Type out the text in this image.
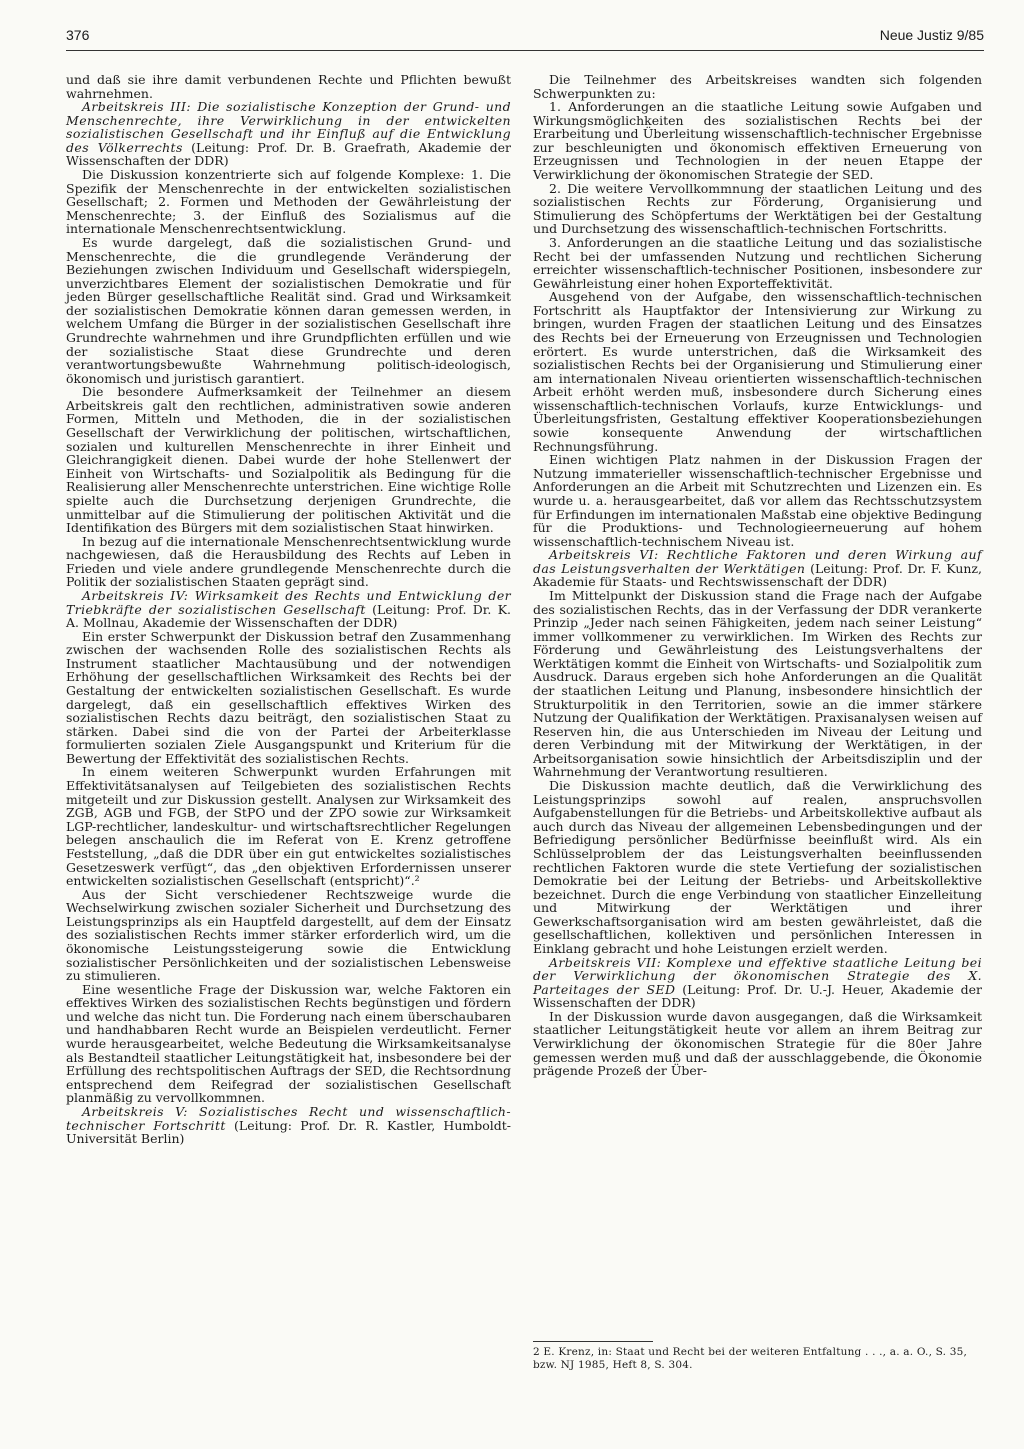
376	Neue Justiz 9/85

und daß sie ihre damit verbundenen Rechte und Pflichten bewußt wahrnehmen.

Arbeitskreis III: Die sozialistische Konzeption der Grund- und Menschenrechte, ihre Verwirklichung in der entwickelten sozialistischen Gesellschaft und ihr Einfluß auf die Entwicklung des Völkerrechts (Leitung: Prof. Dr. B. Graefrath, Akademie der Wissenschaften der DDR)

Die Diskussion konzentrierte sich auf folgende Komplexe: 1. Die Spezifik der Menschenrechte in der entwickelten sozialistischen Gesellschaft; 2. Formen und Methoden der Gewährleistung der Menschenrechte; 3. der Einfluß des Sozialismus auf die internationale Menschenrechtsentwicklung.

Es wurde dargelegt, daß die sozialistischen Grund- und Menschenrechte, die die grundlegende Veränderung der Beziehungen zwischen Individuum und Gesellschaft widerspiegeln, unverzichtbares Element der sozialistischen Demokratie und für jeden Bürger gesellschaftliche Realität sind. Grad und Wirksamkeit der sozialistischen Demokratie können daran gemessen werden, in welchem Umfang die Bürger in der sozialistischen Gesellschaft ihre Grundrechte wahrnehmen und ihre Grundpflichten erfüllen und wie der sozialistische Staat diese Grundrechte und deren verantwortungsbewußte Wahrnehmung politisch-ideologisch, ökonomisch und juristisch garantiert.

Die besondere Aufmerksamkeit der Teilnehmer an diesem Arbeitskreis galt den rechtlichen, administrativen sowie anderen Formen, Mitteln und Methoden, die in der sozialistischen Gesellschaft der Verwirklichung der politischen, wirtschaftlichen, sozialen und kulturellen Menschenrechte in ihrer Einheit und Gleichrangigkeit dienen. Dabei wurde der hohe Stellenwert der Einheit von Wirtschafts- und Sozialpolitik als Bedingung für die Realisierung aller Menschenrechte unterstrichen. Eine wichtige Rolle spielte auch die Durchsetzung derjenigen Grundrechte, die unmittelbar auf die Stimulierung der politischen Aktivität und die Identifikation des Bürgers mit dem sozialistischen Staat hinwirken.

In bezug auf die internationale Menschenrechtsentwicklung wurde nachgewiesen, daß die Herausbildung des Rechts auf Leben in Frieden und viele andere grundlegende Menschenrechte durch die Politik der sozialistischen Staaten geprägt sind.

Arbeitskreis IV: Wirksamkeit des Rechts und Entwicklung der Triebkräfte der sozialistischen Gesellschaft (Leitung: Prof. Dr. K. A. Mollnau, Akademie der Wissenschaften der DDR)

Ein erster Schwerpunkt der Diskussion betraf den Zusammenhang zwischen der wachsenden Rolle des sozialistischen Rechts als Instrument staatlicher Machtausübung und der notwendigen Erhöhung der gesellschaftlichen Wirksamkeit des Rechts bei der Gestaltung der entwickelten sozialistischen Gesellschaft. Es wurde dargelegt, daß ein gesellschaftlich effektives Wirken des sozialistischen Rechts dazu beiträgt, den sozialistischen Staat zu stärken. Dabei sind die von der Partei der Arbeiterklasse formulierten sozialen Ziele Ausgangspunkt und Kriterium für die Bewertung der Effektivität des sozialistischen Rechts.

In einem weiteren Schwerpunkt wurden Erfahrungen mit Effektivitätsanalysen auf Teilgebieten des sozialistischen Rechts mitgeteilt und zur Diskussion gestellt. Analysen zur Wirksamkeit des ZGB, AGB und FGB, der StPO und der ZPO sowie zur Wirksamkeit LGP-rechtlicher, landeskultur- und wirtschaftsrechtlicher Regelungen belegen anschaulich die im Referat von E. Krenz getroffene Feststellung, „daß die DDR über ein gut entwickeltes sozialistisches Gesetzeswerk verfügt“, das „den objektiven Erfordernissen unserer entwickelten sozialistischen Gesellschaft (entspricht)“.²

Aus der Sicht verschiedener Rechtszweige wurde die Wechselwirkung zwischen sozialer Sicherheit und Durchsetzung des Leistungsprinzips als ein Hauptfeld dargestellt, auf dem der Einsatz des sozialistischen Rechts immer stärker erforderlich wird, um die ökonomische Leistungssteigerung sowie die Entwicklung sozialistischer Persönlichkeiten und der sozialistischen Lebensweise zu stimulieren.

Eine wesentliche Frage der Diskussion war, welche Faktoren ein effektives Wirken des sozialistischen Rechts begünstigen und fördern und welche das nicht tun. Die Forderung nach einem überschaubaren und handhabbaren Recht wurde an Beispielen verdeutlicht. Ferner wurde herausgearbeitet, welche Bedeutung die Wirksamkeitsanalyse als Bestandteil staatlicher Leitungstätigkeit hat, insbesondere bei der Erfüllung des rechtspolitischen Auftrags der SED, die Rechtsordnung entsprechend dem Reifegrad der sozialistischen Gesellschaft planmäßig zu vervollkommnen.

Arbeitskreis V: Sozialistisches Recht und wissenschaftlich-technischer Fortschritt (Leitung: Prof. Dr. R. Kastler, Humboldt-Universität Berlin)

Die Teilnehmer des Arbeitskreises wandten sich folgenden Schwerpunkten zu:

1. Anforderungen an die staatliche Leitung sowie Aufgaben und Wirkungsmöglichkeiten des sozialistischen Rechts bei der Erarbeitung und Überleitung wissenschaftlich-technischer Ergebnisse zur beschleunigten und ökonomisch effektiven Erneuerung von Erzeugnissen und Technologien in der neuen Etappe der Verwirklichung der ökonomischen Strategie der SED.

2. Die weitere Vervollkommnung der staatlichen Leitung und des sozialistischen Rechts zur Förderung, Organisierung und Stimulierung des Schöpfertums der Werktätigen bei der Gestaltung und Durchsetzung des wissenschaftlich-technischen Fortschritts.

3. Anforderungen an die staatliche Leitung und das sozialistische Recht bei der umfassenden Nutzung und rechtlichen Sicherung erreichter wissenschaftlich-technischer Positionen, insbesondere zur Gewährleistung einer hohen Exporteffektivität.

Ausgehend von der Aufgabe, den wissenschaftlich-technischen Fortschritt als Hauptfaktor der Intensivierung zur Wirkung zu bringen, wurden Fragen der staatlichen Leitung und des Einsatzes des Rechts bei der Erneuerung von Erzeugnissen und Technologien erörtert. Es wurde unterstrichen, daß die Wirksamkeit des sozialistischen Rechts bei der Organisierung und Stimulierung einer am internationalen Niveau orientierten wissenschaftlich-technischen Arbeit erhöht werden muß, insbesondere durch Sicherung eines wissenschaftlich-technischen Vorlaufs, kurze Entwicklungs- und Überleitungsfristen, Gestaltung effektiver Kooperationsbeziehungen sowie konsequente Anwendung der wirtschaftlichen Rechnungsführung.

Einen wichtigen Platz nahmen in der Diskussion Fragen der Nutzung immaterieller wissenschaftlich-technischer Ergebnisse und Anforderungen an die Arbeit mit Schutzrechten und Lizenzen ein. Es wurde u. a. herausgearbeitet, daß vor allem das Rechtsschutzsystem für Erfindungen im internationalen Maßstab eine objektive Bedingung für die Produktions- und Technologieerneuerung auf hohem wissenschaftlich-technischem Niveau ist.

Arbeitskreis VI: Rechtliche Faktoren und deren Wirkung auf das Leistungsverhalten der Werktätigen (Leitung: Prof. Dr. F. Kunz, Akademie für Staats- und Rechtswissenschaft der DDR)

Im Mittelpunkt der Diskussion stand die Frage nach der Aufgabe des sozialistischen Rechts, das in der Verfassung der DDR verankerte Prinzip „Jeder nach seinen Fähigkeiten, jedem nach seiner Leistung“ immer vollkommener zu verwirklichen. Im Wirken des Rechts zur Förderung und Gewährleistung des Leistungsverhaltens der Werktätigen kommt die Einheit von Wirtschafts- und Sozialpolitik zum Ausdruck. Daraus ergeben sich hohe Anforderungen an die Qualität der staatlichen Leitung und Planung, insbesondere hinsichtlich der Strukturpolitik in den Territorien, sowie an die immer stärkere Nutzung der Qualifikation der Werktätigen. Praxisanalysen weisen auf Reserven hin, die aus Unterschieden im Niveau der Leitung und deren Verbindung mit der Mitwirkung der Werktätigen, in der Arbeitsorganisation sowie hinsichtlich der Arbeitsdisziplin und der Wahrnehmung der Verantwortung resultieren.

Die Diskussion machte deutlich, daß die Verwirklichung des Leistungsprinzips sowohl auf realen, anspruchsvollen Aufgabenstellungen für die Betriebs- und Arbeitskollektive aufbaut als auch durch das Niveau der allgemeinen Lebensbedingungen und der Befriedigung persönlicher Bedürfnisse beeinflußt wird. Als ein Schlüsselproblem der das Leistungsverhalten beeinflussenden rechtlichen Faktoren wurde die stete Vertiefung der sozialistischen Demokratie bei der Leitung der Betriebs- und Arbeitskollektive bezeichnet. Durch die enge Verbindung von staatlicher Einzelleitung und Mitwirkung der Werktätigen und ihrer Gewerkschaftsorganisation wird am besten gewährleistet, daß die gesellschaftlichen, kollektiven und persönlichen Interessen in Einklang gebracht und hohe Leistungen erzielt werden.

Arbeitskreis VII: Komplexe und effektive staatliche Leitung bei der Verwirklichung der ökonomischen Strategie des X. Parteitages der SED (Leitung: Prof. Dr. U.-J. Heuer, Akademie der Wissenschaften der DDR)

In der Diskussion wurde davon ausgegangen, daß die Wirksamkeit staatlicher Leitungstätigkeit heute vor allem an ihrem Beitrag zur Verwirklichung der ökonomischen Strategie für die 80er Jahre gemessen werden muß und daß der ausschlaggebende, die Ökonomie prägende Prozeß der Über-

2 E. Krenz, in: Staat und Recht bei der weiteren Entfaltung . . ., a. a. O., S. 35, bzw. NJ 1985, Heft 8, S. 304.
